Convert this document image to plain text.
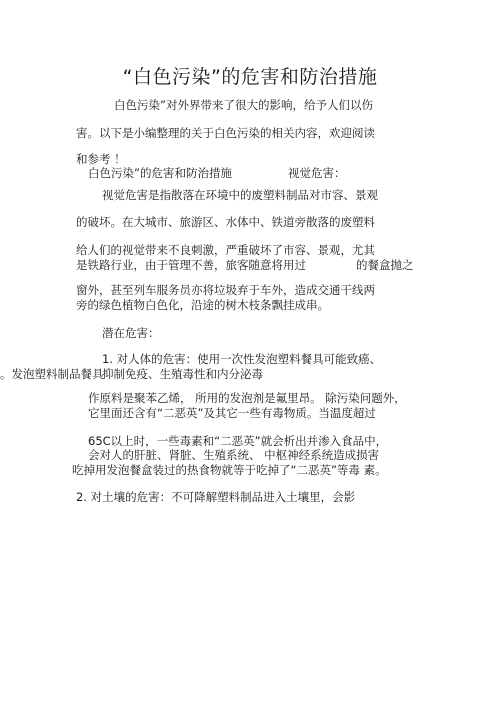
“白色污染”的危害和防治措施
白色污染”对外界带来了很大的影响，给予人们以伤
害。以下是小编整理的关于白色污染的相关内容，欢迎阅读
和参考 ！
白色污染”的危害和防治措施	视觉危害：
视觉危害是指散落在环境中的废塑料制品对市容、景观
的破坏。在大城市、旅游区、水体中、铁道旁散落的废塑料
给人们的视觉带来不良刺激，严重破坏了市容、景观，尤其
是铁路行业，由于管理不善，旅客随意将用过	的餐盒抛之
窗外，甚至列车服务员亦将垃圾弃于车外，造成交通干线两
旁的绿色植物白色化，沿途的树木枝条飘挂成串。
潜在危害：
1. 对人体的危害：使用一次性发泡塑料餐具可能致癌、
。发泡塑料制品餐具
抑制免疫、生殖毒性和内分泌毒
作原料是聚苯乙烯， 所用的发泡剂是氟里昂。 除污染问题外，
它里面还含有“二恶英”及其它一些有毒物质。当温度超过
65C以上时，一些毒素和“二恶英”就会析出并渗入食品中，
会对人的肝脏、肾脏、生殖系统、 中枢神经系统造成损害
吃掉用发泡餐盒装过的热食物就等于吃掉了“二恶英”等毒 素。
2. 对土壤的危害：不可降解塑料制品进入土壤里，会影
